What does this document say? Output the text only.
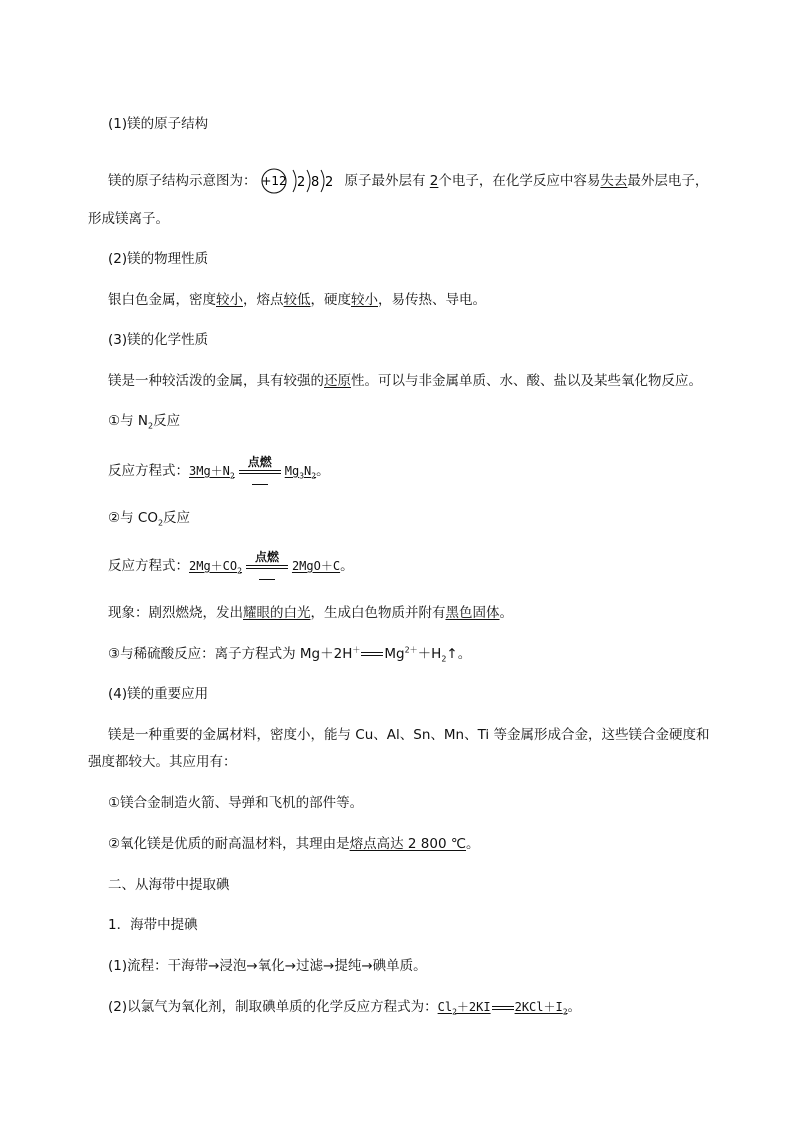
(1)镁的原子结构
镁的原子结构示意图为： +12 2 8 2 原子最外层有 2个电子，在化学反应中容易失去最外层电子，
形成镁离子。
(2)镁的物理性质
银白色金属，密度较小，熔点较低，硬度较小，易传热、导电。
(3)镁的化学性质
镁是一种较活泼的金属，具有较强的还原性。可以与非金属单质、水、酸、盐以及某些氧化物反应。
①与 $N_2$反应
反应方程式：$3Mg+N_2$
点燃
$Mg_3N_2$。
②与 $CO_2$反应
反应方程式：$2Mg+CO_2$
点燃
2MgO＋C。
现象：剧烈燃烧，发出耀眼的白光，生成白色物质并附有黑色固体。
③与稀硫酸反应：离子方程式为 Mg＋2H＋ $Mg^{2+}+H_2↑$。
(4)镁的重要应用
镁是一种重要的金属材料，密度小，能与 Cu、Al、Sn、Mn、Ti 等金属形成合金，这些镁合金硬度和
强度都较大。其应用有：
①镁合金制造火箭、导弹和飞机的部件等。
②氧化镁是优质的耐高温材料，其理由是熔点高达 2 800 ℃。
二、从海带中提取碘
1．海带中提碘
(1)流程：干海带→浸泡→氧化→过滤→提纯→碘单质。
(2)以氯气为氧化剂，制取碘单质的化学反应方程式为：$Cl_2+2KI$ $2KCl+I_2$。
